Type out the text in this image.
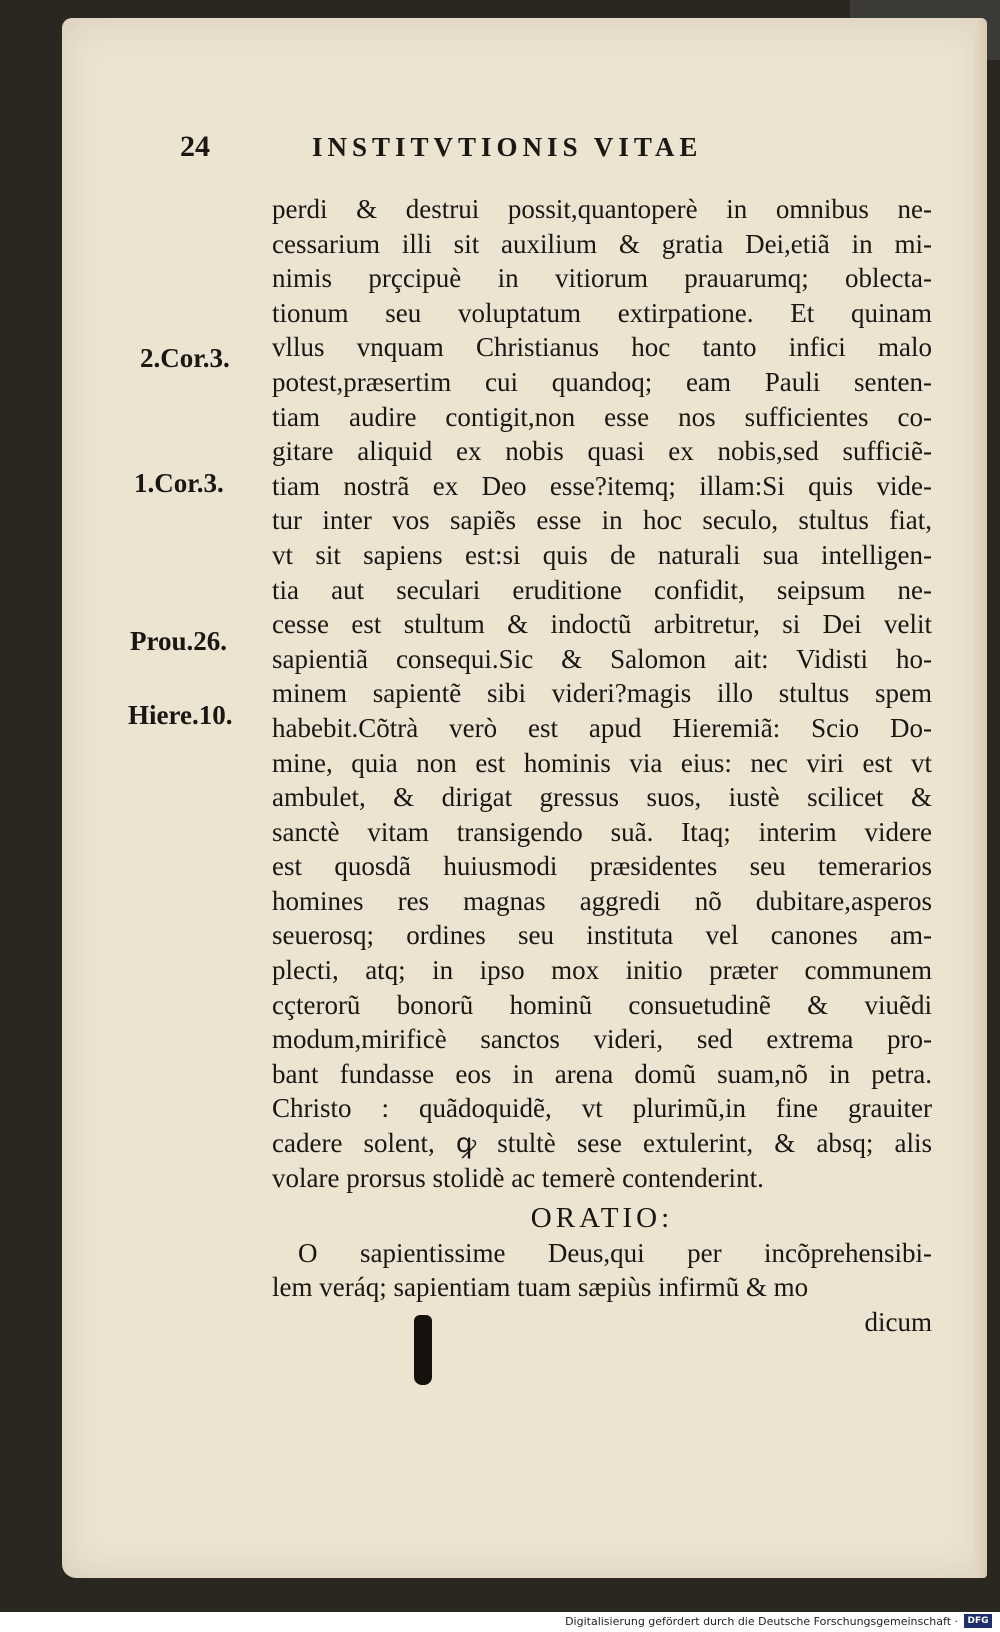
24	INSTITVTIONIS VITAE
2.Cor.3.
1.Cor.3.
Prou.26.
Hiere.10.
perdi & destrui possit,quantoperè in omnibus ne-
cessarium illi sit auxilium & gratia Dei,etiã in mi-
nimis prçcipuè in vitiorum prauarumq; oblecta-
tionum seu voluptatum extirpatione. Et quinam
vllus vnquam Christianus hoc tanto infici malo
potest,præsertim cui quandoq; eam Pauli senten-
tiam audire contigit,non esse nos sufficientes co-
gitare aliquid ex nobis quasi ex nobis,sed sufficiẽ-
tiam nostrã ex Deo esse?itemq; illam:Si quis vide-
tur inter vos sapiẽs esse in hoc seculo, stultus fiat,
vt sit sapiens est:si quis de naturali sua intelligen-
tia aut seculari eruditione confidit, seipsum ne-
cesse est stultum & indoctũ arbitretur, si Dei velit
sapientiã consequi.Sic & Salomon ait: Vidisti ho-
minem sapientẽ sibi videri?magis illo stultus spem
habebit.Cõtrà verò est apud Hieremiã: Scio Do-
mine, quia non est hominis via eius: nec viri est vt
ambulet, & dirigat gressus suos, iustè scilicet &
sanctè vitam transigendo suã. Itaq; interim videre
est quosdã huiusmodi præsidentes seu temerarios
homines res magnas aggredi nõ dubitare,asperos
seuerosq; ordines seu instituta vel canones am-
plecti, atq; in ipso mox initio præter communem
cçterorũ bonorũ hominũ consuetudinẽ & viuẽdi
modum,mirificè sanctos videri, sed extrema pro-
bant fundasse eos in arena domũ suam,nõ in petra.
Christo : quãdoquidẽ, vt plurimũ,in fine grauiter
cadere solent, ꝙ stultè sese extulerint, & absq; alis
volare prorsus stolidè ac temerè contenderint.
ORATIO:
O sapientissime Deus,qui per incõprehensibi-
lem veráq; sapientiam tuam sæpiùs infirmũ & mo
dicum
Digitalisierung gefördert durch die Deutsche Forschungsgemeinschaft ·	DFG
